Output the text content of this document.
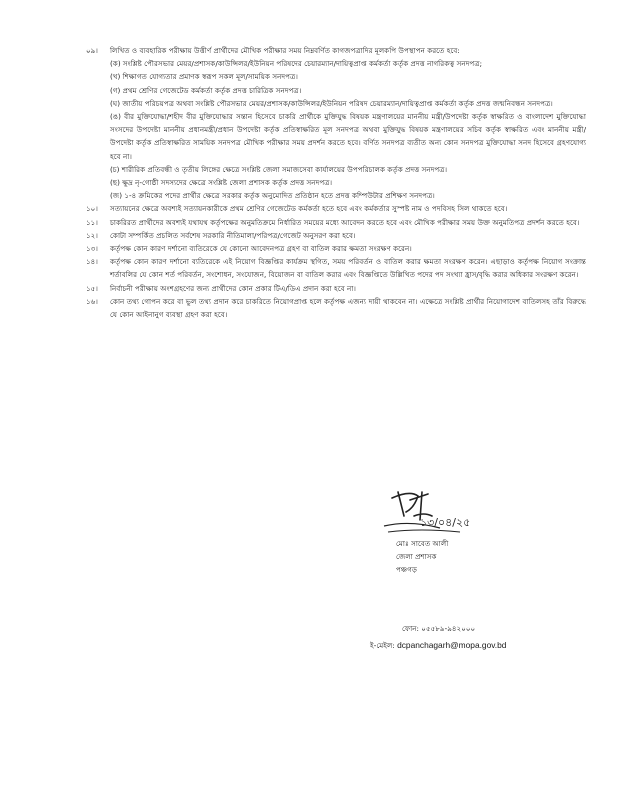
০৯। লিখিত ও ব্যবহারিক পরীক্ষায় উত্তীর্ণ প্রার্থীদের মৌখিক পরীক্ষার সময় নিম্নবর্ণিত কাগজপত্রাদির মূলকপি উপস্থাপন করতে হবে:
(ক) সংশ্লিষ্ট পৌরসভার মেয়র/প্রশাসক/কাউন্সিলর/ইউনিয়ন পরিষদের চেয়ারম্যান/দায়িত্বপ্রাপ্ত কর্মকর্তা কর্তৃক প্রদত্ত নাগরিকত্ব সনদপত্র;
(খ) শিক্ষাগত যোগ্যতার প্রমাণক স্বরূপ সকল মূল/সাময়িক সনদপত্র।
(গ) প্রথম শ্রেণির গেজেটেড কর্মকর্তা কর্তৃক প্রদত্ত চারিত্রিক সনদপত্র।
(ঘ) জাতীয় পরিচয়পত্র অথবা সংশ্লিষ্ট পৌরসভার মেয়র/প্রশাসক/কাউন্সিলর/ইউনিয়ন পরিষদ চেয়ারম্যান/দায়িত্বপ্রাপ্ত কর্মকর্তা কর্তৃক প্রদত্ত জন্মনিবন্ধন সনদপত্র।
(ঙ) বীর মুক্তিযোদ্ধা/শহীদ বীর মুক্তিযোদ্ধার সন্তান হিসেবে চাকরি প্রার্থীকে মুক্তিযুদ্ধ বিষয়ক মন্ত্রণালয়ের মাননীয় মন্ত্রী/উপদেষ্টা কর্তৃক স্বাক্ষরিত ও বাংলাদেশ মুক্তিযোদ্ধা সংসদের উপদেষ্টা মাননীয় প্রধানমন্ত্রী/প্রধান উপদেষ্টা কর্তৃক প্রতিস্বাক্ষরিত মূল সনদপত্র অথবা মুক্তিযুদ্ধ বিষয়ক মন্ত্রণালয়ের সচিব কর্তৃক স্বাক্ষরিত এবং মাননীয় মন্ত্রী/উপদেষ্টা কর্তৃক প্রতিস্বাক্ষরিত সাময়িক সনদপত্র মৌখিক পরীক্ষার সময় প্রদর্শন করতে হবে। বর্ণিত সনদপত্র ব্যতীত অন্য কোন সনদপত্র মুক্তিযোদ্ধা সনদ হিসেবে গ্রহণযোগ্য হবে না।
(চ) শারীরিক প্রতিবন্ধী ও তৃতীয় লিঙ্গের ক্ষেত্রে সংশ্লিষ্ট জেলা সমাজসেবা কার্যালয়ের উপপরিচালক কর্তৃক প্রদত্ত সনদপত্র।
(ছ) ক্ষুদ্র নৃ-গোষ্ঠী সদস্যদের ক্ষেত্রে সংশ্লিষ্ট জেলা প্রশাসক কর্তৃক প্রদত্ত সনদপত্র।
(জ) ১-৪ ক্রমিকের পদের প্রার্থীর ক্ষেত্রে সরকার কর্তৃক অনুমোদিত প্রতিষ্ঠান হতে প্রদত্ত কম্পিউটার প্রশিক্ষণ সনদপত্র।
১০। সত্যায়নের ক্ষেত্রে অবশ্যই সত্যায়নকারীকে প্রথম শ্রেণির গেজেটেড কর্মকর্তা হতে হবে এবং কর্মকর্তার সুস্পষ্ট নাম ও পদবিসহ সিল থাকতে হবে।
১১। চাকরিরত প্রার্থীদের অবশ্যই যথাযথ কর্তৃপক্ষের অনুমতিক্রমে নির্ধারিত সময়ের মধ্যে আবেদন করতে হবে এবং মৌখিক পরীক্ষার সময় উক্ত অনুমতিপত্র প্রদর্শন করতে হবে।
১২। কোটা সম্পর্কিত প্রচলিত সর্বশেষ সরকারি নীতিমালা/পরিপত্র/গেজেট অনুসরণ করা হবে।
১৩। কর্তৃপক্ষ কোন কারণ দর্শানো ব্যতিরেকে যে কোনো আবেদনপত্র গ্রহণ বা বাতিল করার ক্ষমতা সংরক্ষণ করেন।
১৪। কর্তৃপক্ষ কোন কারণ দর্শানো ব্যতিরেকে এই নিয়োগ বিজ্ঞপ্তির কার্যক্রম স্থগিত, সময় পরিবর্তন ও বাতিল করার ক্ষমতা সংরক্ষণ করেন। এছাড়াও কর্তৃপক্ষ নিয়োগ সংক্রান্ত শর্তাবলির যে কোন শর্ত পরিবর্তন, সংশোধন, সংযোজন, বিয়োজন বা বাতিল করার এবং বিজ্ঞপ্তিতে উল্লিখিত পদের পদ সংখ্যা হ্রাস/বৃদ্ধি করার অধিকার সংরক্ষণ করেন।
১৫। নির্বাচনী পরীক্ষায় অংশগ্রহণের জন্য প্রার্থীদের কোন প্রকার টিএ/ডিএ প্রদান করা হবে না।
১৬। কোন তথ্য গোপন করে বা ভুল তথ্য প্রদান করে চাকরিতে নিয়োগপ্রাপ্ত হলে কর্তৃপক্ষ এজন্য দায়ী থাকবেন না। এক্ষেত্রে সংশ্লিষ্ট প্রার্থীর নিয়োগাদেশ বাতিলসহ তাঁর বিরুদ্ধে যে কোন আইনানুগ ব্যবস্থা গ্রহণ করা হবে।
১৩/০৪/২৫
মোঃ সাবেত আলী
জেলা প্রশাসক
পঞ্চগড়
ফোন: ০৫৫৮৯-৯৪২০০০
ই-মেইল: dcpanchagarh@mopa.gov.bd
